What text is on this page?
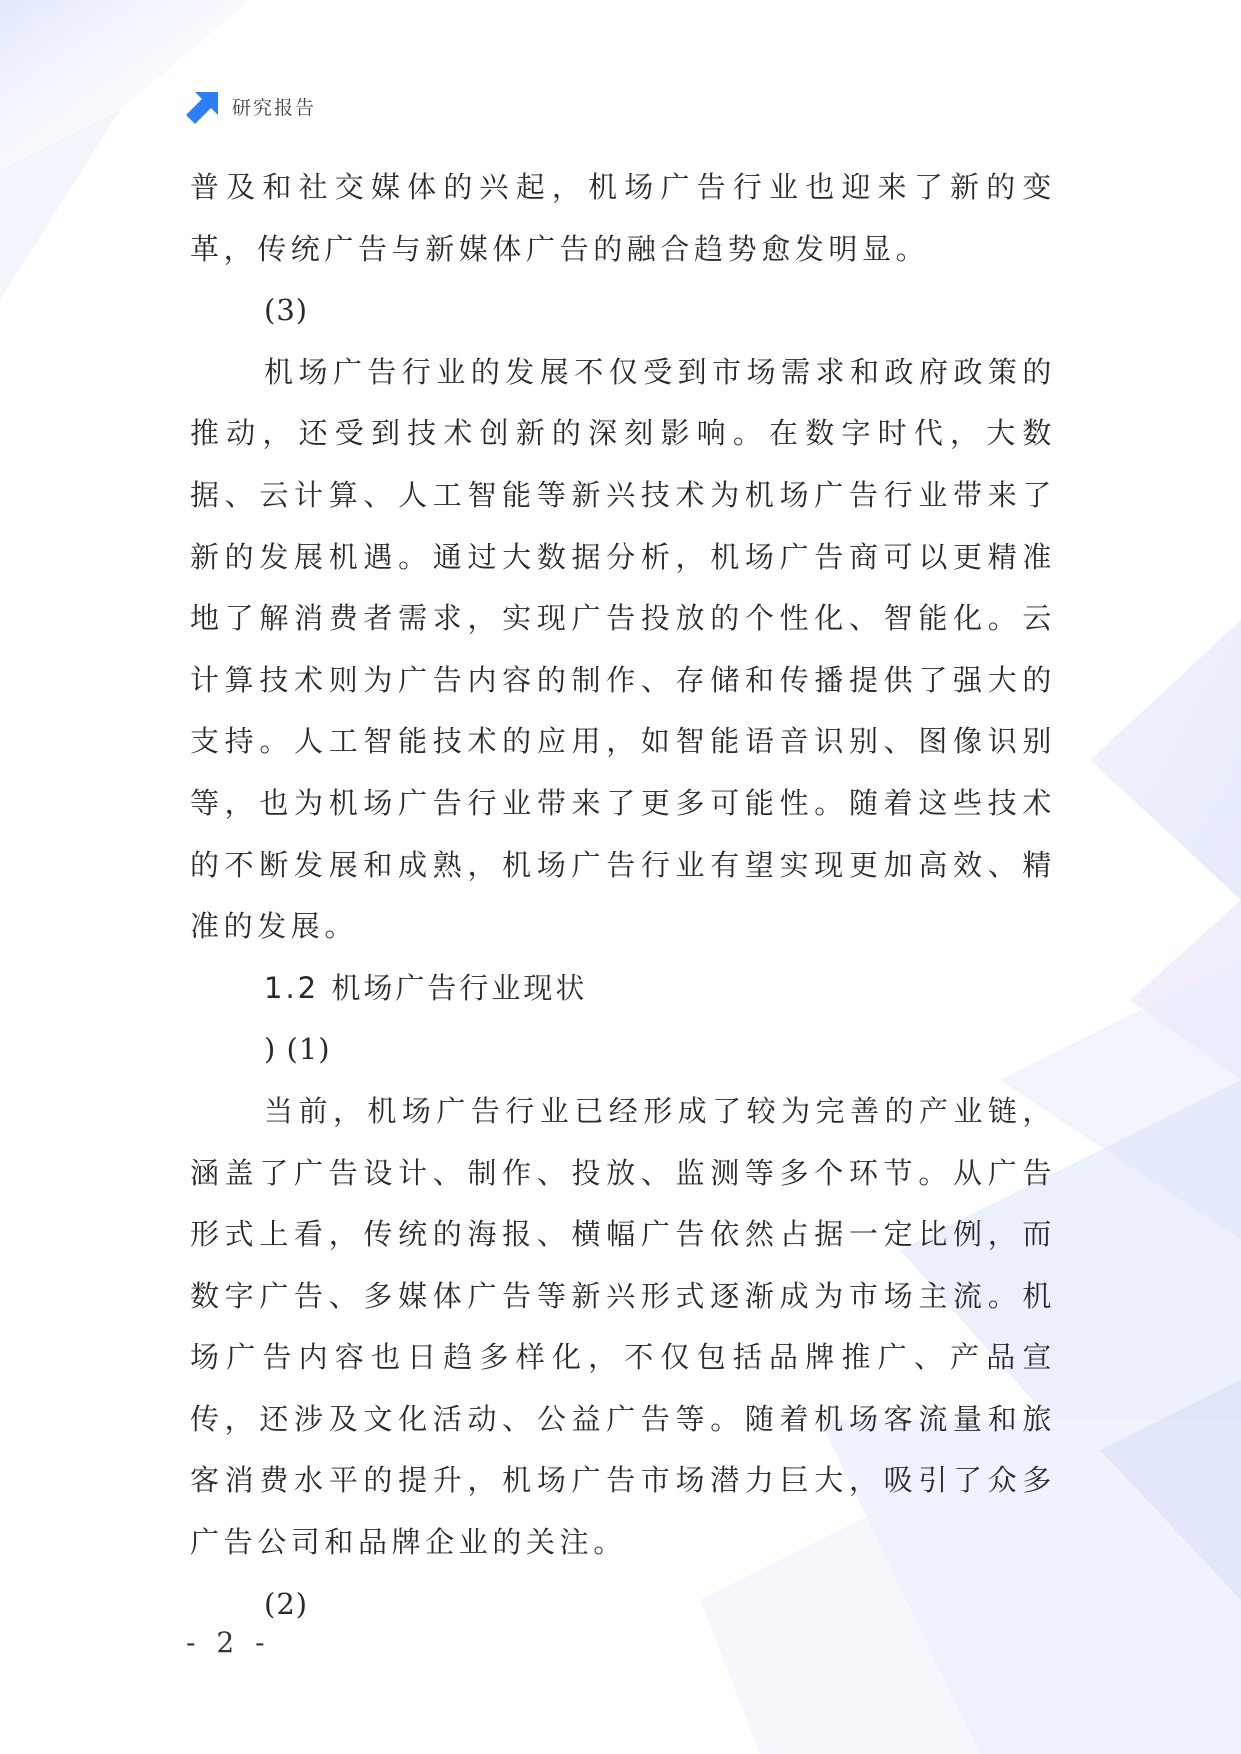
研究报告

普及和社交媒体的兴起，机场广告行业也迎来了新的变革，传统广告与新媒体广告的融合趋势愈发明显。

(3)

机场广告行业的发展不仅受到市场需求和政府政策的推动，还受到技术创新的深刻影响。在数字时代，大数据、云计算、人工智能等新兴技术为机场广告行业带来了新的发展机遇。通过大数据分析，机场广告商可以更精准地了解消费者需求，实现广告投放的个性化、智能化。云计算技术则为广告内容的制作、存储和传播提供了强大的支持。人工智能技术的应用，如智能语音识别、图像识别等，也为机场广告行业带来了更多可能性。随着这些技术的不断发展和成熟，机场广告行业有望实现更加高效、精准的发展。

1.2 机场广告行业现状

) (1)

当前，机场广告行业已经形成了较为完善的产业链，涵盖了广告设计、制作、投放、监测等多个环节。从广告形式上看，传统的海报、横幅广告依然占据一定比例，而数字广告、多媒体广告等新兴形式逐渐成为市场主流。机场广告内容也日趋多样化，不仅包括品牌推广、产品宣传，还涉及文化活动、公益广告等。随着机场客流量和旅客消费水平的提升，机场广告市场潜力巨大，吸引了众多广告公司和品牌企业的关注。

(2)

- 2 -
